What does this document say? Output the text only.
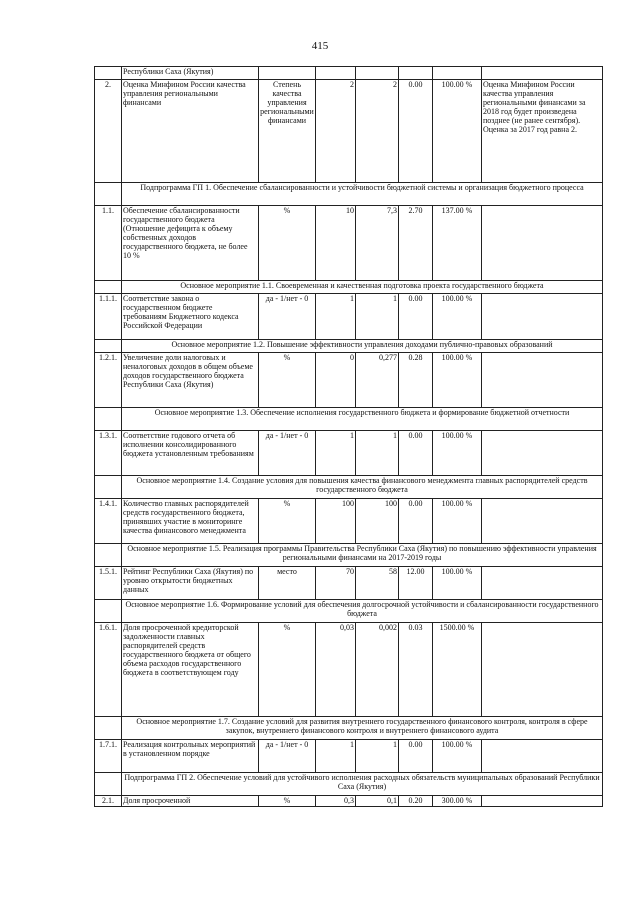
415
	Республики Саха (Якутия)						
2.	Оценка Минфином России качества управления региональными финансами	Степень качества управления региональными финансами	2	2	0.00	100.00 %	Оценка Минфином России качества управления региональными финансами за 2018 год будет произведена позднее (не ранее сентября). Оценка за 2017 год равна 2.
	Подпрограмма ГП 1. Обеспечение сбалансированности и устойчивости бюджетной системы и организация бюджетного процесса						
1.1.	Обеспечение сбалансированности государственного бюджета (Отношение дефицита к объему собственных доходов государственного бюджета, не более 10 %	%	10	7,3	2.70	137.00 %	
	Основное мероприятие 1.1. Своевременная и качественная подготовка проекта государственного бюджета						
1.1.1.	Соответствие закона о государственном бюджете требованиям Бюджетного кодекса Российской Федерации	да - 1/нет - 0	1	1	0.00	100.00 %	
	Основное мероприятие 1.2. Повышение эффективности управления доходами публично-правовых образований						
1.2.1.	Увеличение доли налоговых и неналоговых доходов в общем объеме доходов государственного бюджета Республики Саха (Якутия)	%	0	0,277	0.28	100.00 %	
	Основное мероприятие 1.3. Обеспечение исполнения государственного бюджета и формирование бюджетной отчетности						
1.3.1.	Соответствие годового отчета об исполнении консолидированного бюджета установленным требованиям	да - 1/нет - 0	1	1	0.00	100.00 %	
	Основное мероприятие 1.4. Создание условия для повышения качества финансового менеджмента главных распорядителей средств государственного бюджета						
1.4.1.	Количество главных распорядителей средств государственного бюджета, принявших участие в мониторинге качества финансового менеджмента	%	100	100	0.00	100.00 %	
	Основное мероприятие 1.5. Реализация программы Правительства Республики Саха (Якутия) по повышению эффективности управления региональными финансами на 2017-2019 годы						
1.5.1.	Рейтинг Республики Саха (Якутия) по уровню открытости бюджетных данных	место	70	58	12.00	100.00 %	
	Основное мероприятие 1.6. Формирование условий для обеспечения долгосрочной устойчивости и сбалансированности государственного бюджета						
1.6.1.	Доля просроченной кредиторской задолженности главных распорядителей средств государственного бюджета от общего объема расходов государственного бюджета в соответствующем году	%	0,03	0,002	0.03	1500.00 %	
	Основное мероприятие 1.7. Создание условий для развития внутреннего государственного финансового контроля, контроля в сфере закупок, внутреннего финансового контроля и внутреннего финансового аудита						
1.7.1.	Реализация контрольных мероприятий в установленном порядке	да - 1/нет - 0	1	1	0.00	100.00 %	
	Подпрограмма ГП 2. Обеспечение условий для устойчивого исполнения расходных обязательств муниципальных образований Республики Саха (Якутия)						
2.1.	Доля просроченной	%	0,3	0,1	0.20	300.00 %	
